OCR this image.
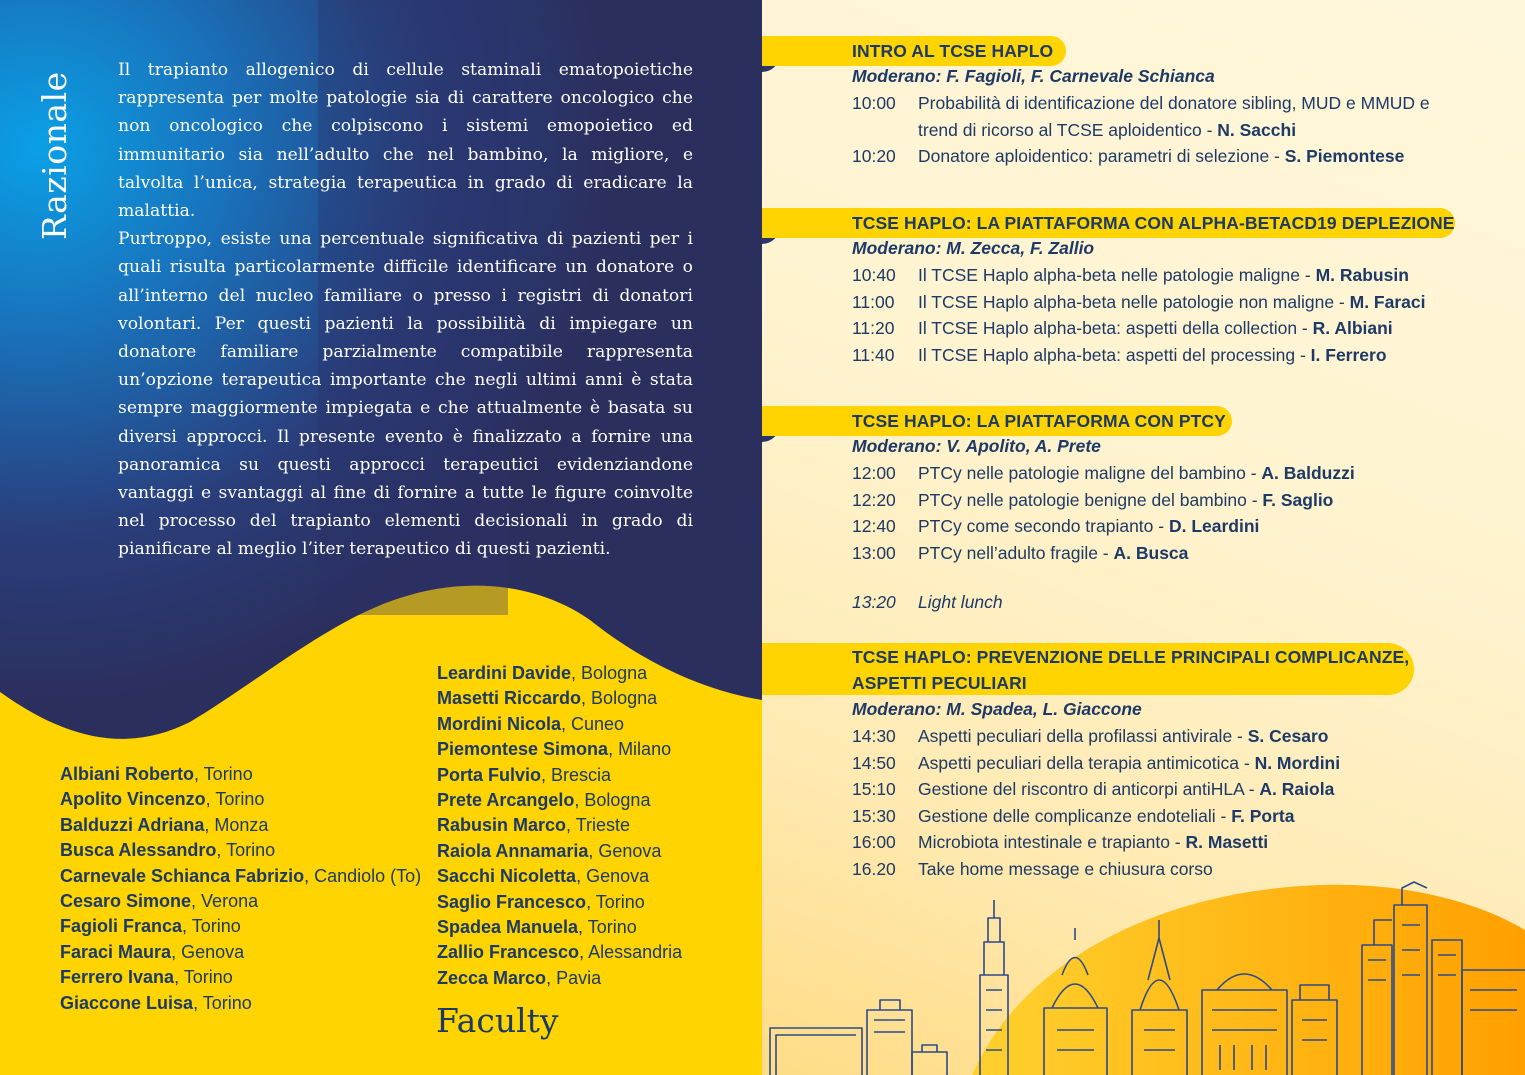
Razionale

Il trapianto allogenico di cellule staminali ematopoietiche rappresenta per molte patologie sia di carattere oncologico che non oncologico che colpiscono i sistemi emopoietico ed immunitario sia nell’adulto che nel bambino, la migliore, e talvolta l’unica, strategia terapeutica in grado di eradicare la malattia.

Purtroppo, esiste una percentuale significativa di pazienti per i quali risulta particolarmente difficile identificare un donatore o all’interno del nucleo familiare o presso i registri di donatori volontari. Per questi pazienti la possibilità di impiegare un donatore familiare parzialmente compatibile rappresenta un’opzione terapeutica importante che negli ultimi anni è stata sempre maggiormente impiegata e che attualmente è basata su diversi approcci. Il presente evento è finalizzato a fornire una panoramica su questi approcci terapeutici evidenziandone vantaggi e svantaggi al fine di fornire a tutte le figure coinvolte nel processo del trapianto elementi decisionali in grado di pianificare al meglio l’iter terapeutico di questi pazienti.

Albiani Roberto, Torino
Apolito Vincenzo, Torino
Balduzzi Adriana, Monza
Busca Alessandro, Torino
Carnevale Schianca Fabrizio, Candiolo (To)
Cesaro Simone, Verona
Fagioli Franca, Torino
Faraci Maura, Genova
Ferrero Ivana, Torino
Giaccone Luisa, Torino
Leardini Davide, Bologna
Masetti Riccardo, Bologna
Mordini Nicola, Cuneo
Piemontese Simona, Milano
Porta Fulvio, Brescia
Prete Arcangelo, Bologna
Rabusin Marco, Trieste
Raiola Annamaria, Genova
Sacchi Nicoletta, Genova
Saglio Francesco, Torino
Spadea Manuela, Torino
Zallio Francesco, Alessandria
Zecca Marco, Pavia
Faculty
INTRO AL TCSE HAPLO
Moderano: F. Fagioli, F. Carnevale Schianca
10:00 Probabilità di identificazione del donatore sibling, MUD e MMUD e trend di ricorso al TCSE aploidentico - N. Sacchi
10:20 Donatore aploidentico: parametri di selezione - S. Piemontese
TCSE HAPLO: LA PIATTAFORMA CON ALPHA-BETACD19 DEPLEZIONE
Moderano: M. Zecca, F. Zallio
10:40 Il TCSE Haplo alpha-beta nelle patologie maligne - M. Rabusin
11:00 Il TCSE Haplo alpha-beta nelle patologie non maligne - M. Faraci
11:20 Il TCSE Haplo alpha-beta: aspetti della collection - R. Albiani
11:40 Il TCSE Haplo alpha-beta: aspetti del processing - I. Ferrero
TCSE HAPLO: LA PIATTAFORMA CON PTCY
Moderano: V. Apolito, A. Prete
12:00 PTCy nelle patologie maligne del bambino - A. Balduzzi
12:20 PTCy nelle patologie benigne del bambino - F. Saglio
12:40 PTCy come secondo trapianto - D. Leardini
13:00 PTCy nell’adulto fragile - A. Busca
13:20 Light lunch
TCSE HAPLO: PREVENZIONE DELLE PRINCIPALI COMPLICANZE,
ASPETTI PECULIARI
Moderano: M. Spadea, L. Giaccone
14:30 Aspetti peculiari della profilassi antivirale - S. Cesaro
14:50 Aspetti peculiari della terapia antimicotica - N. Mordini
15:10 Gestione del riscontro di anticorpi antiHLA - A. Raiola
15:30 Gestione delle complicanze endoteliali - F. Porta
16:00 Microbiota intestinale e trapianto - R. Masetti
16.20 Take home message e chiusura corso
